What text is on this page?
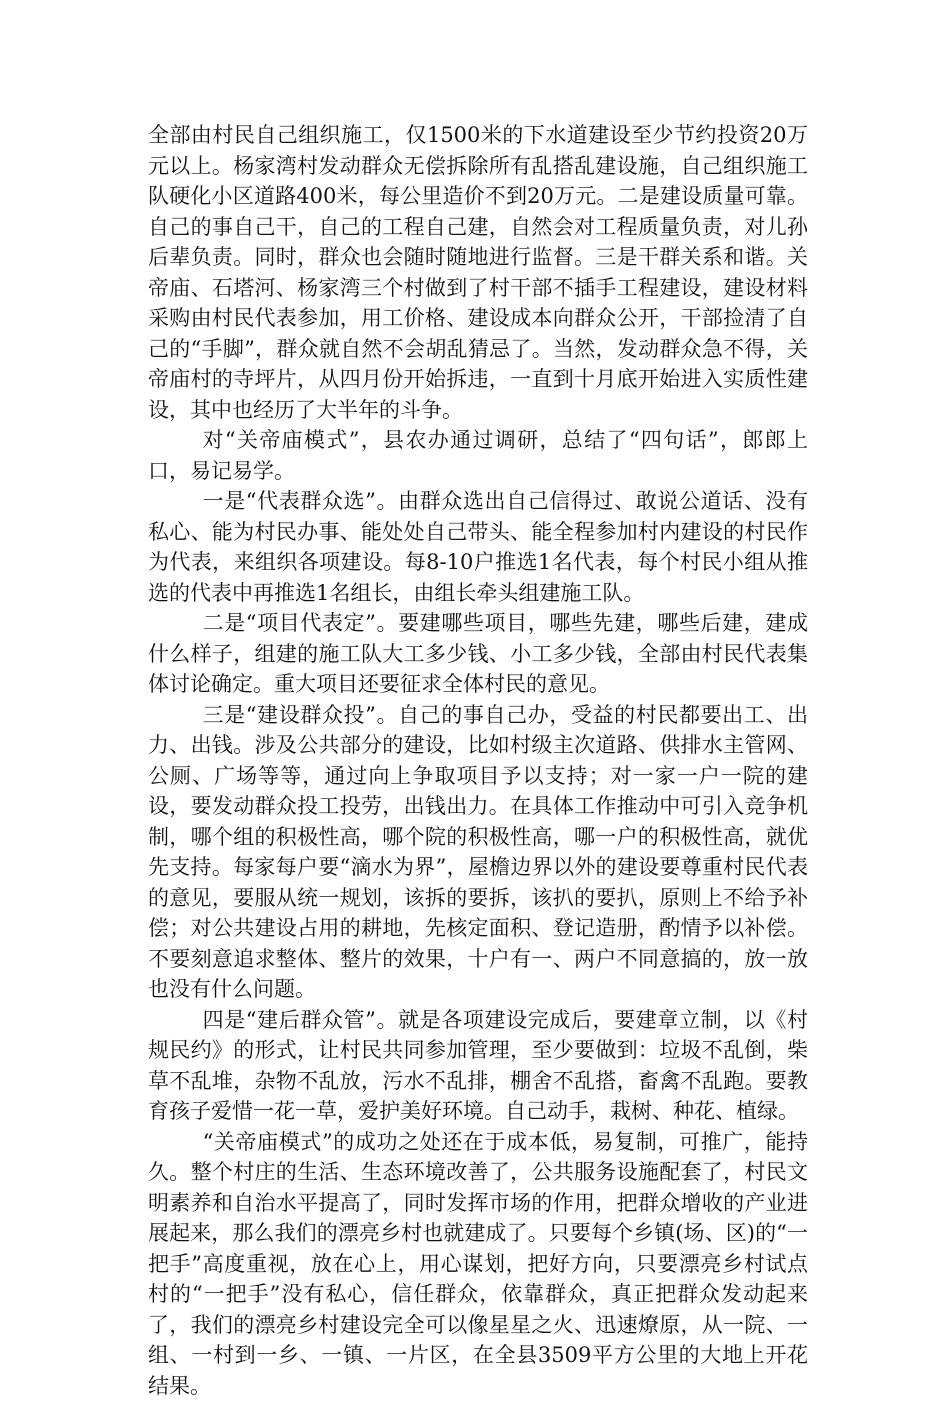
全部由村民自己组织施工，仅1500米的下水道建设至少节约投资20万元以上。杨家湾村发动群众无偿拆除所有乱搭乱建设施，自己组织施工队硬化小区道路400米，每公里造价不到20万元。二是建设质量可靠。自己的事自己干，自己的工程自己建，自然会对工程质量负责，对儿孙后辈负责。同时，群众也会随时随地进行监督。三是干群关系和谐。关帝庙、石塔河、杨家湾三个村做到了村干部不插手工程建设，建设材料采购由村民代表参加，用工价格、建设成本向群众公开，干部捡清了自己的“手脚”，群众就自然不会胡乱猜忌了。当然，发动群众急不得，关帝庙村的寺坪片，从四月份开始拆违，一直到十月底开始进入实质性建设，其中也经历了大半年的斗争。

对“关帝庙模式”，县农办通过调研，总结了“四句话”，郎郎上口，易记易学。

一是“代表群众选”。由群众选出自己信得过、敢说公道话、没有私心、能为村民办事、能处处自己带头、能全程参加村内建设的村民作为代表，来组织各项建设。每8-10户推选1名代表，每个村民小组从推选的代表中再推选1名组长，由组长牵头组建施工队。

二是“项目代表定”。要建哪些项目，哪些先建，哪些后建，建成什么样子，组建的施工队大工多少钱、小工多少钱，全部由村民代表集体讨论确定。重大项目还要征求全体村民的意见。

三是“建设群众投”。自己的事自己办，受益的村民都要出工、出力、出钱。涉及公共部分的建设，比如村级主次道路、供排水主管网、公厕、广场等等，通过向上争取项目予以支持；对一家一户一院的建设，要发动群众投工投劳，出钱出力。在具体工作推动中可引入竞争机制，哪个组的积极性高，哪个院的积极性高，哪一户的积极性高，就优先支持。每家每户要“滴水为界”，屋檐边界以外的建设要尊重村民代表的意见，要服从统一规划，该拆的要拆，该扒的要扒，原则上不给予补偿；对公共建设占用的耕地，先核定面积、登记造册，酌情予以补偿。不要刻意追求整体、整片的效果，十户有一、两户不同意搞的，放一放也没有什么问题。

四是“建后群众管”。就是各项建设完成后，要建章立制，以《村规民约》的形式，让村民共同参加管理，至少要做到：垃圾不乱倒，柴草不乱堆，杂物不乱放，污水不乱排，棚舍不乱搭，畜禽不乱跑。要教育孩子爱惜一花一草，爱护美好环境。自己动手，栽树、种花、植绿。

“关帝庙模式”的成功之处还在于成本低，易复制，可推广，能持久。整个村庄的生活、生态环境改善了，公共服务设施配套了，村民文明素养和自治水平提高了，同时发挥市场的作用，把群众增收的产业进展起来，那么我们的漂亮乡村也就建成了。只要每个乡镇(场、区)的“一把手”高度重视，放在心上，用心谋划，把好方向，只要漂亮乡村试点村的“一把手”没有私心，信任群众，依靠群众，真正把群众发动起来了，我们的漂亮乡村建设完全可以像星星之火、迅速燎原，从一院、一组、一村到一乡、一镇、一片区，在全县3509平方公里的大地上开花结果。
